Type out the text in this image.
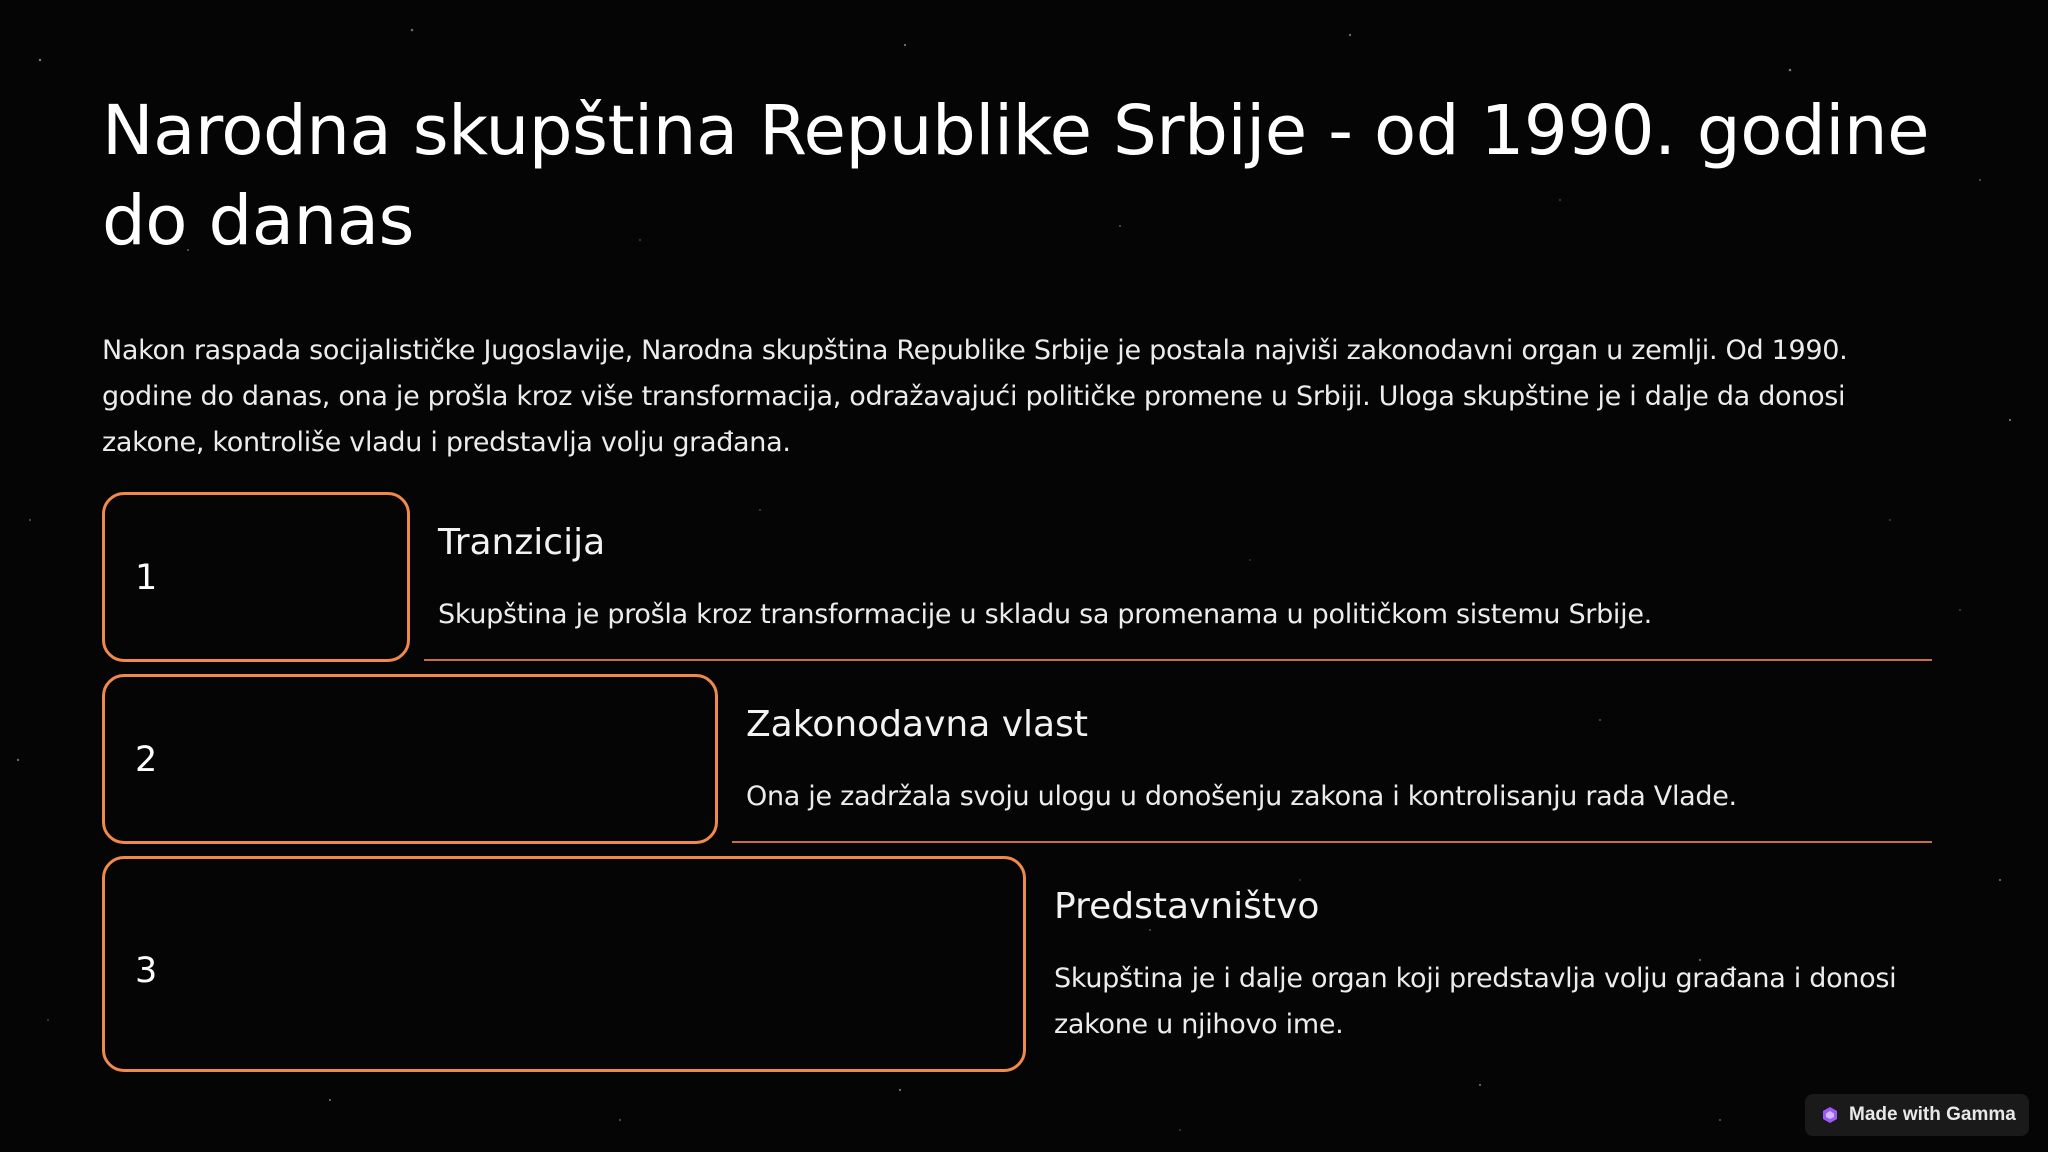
Narodna skupština Republike Srbije - od 1990. godine do danas

Nakon raspada socijalističke Jugoslavije, Narodna skupština Republike Srbije je postala najviši zakonodavni organ u zemlji. Od 1990. godine do danas, ona je prošla kroz više transformacija, odražavajući političke promene u Srbiji. Uloga skupštine je i dalje da donosi zakone, kontroliše vladu i predstavlja volju građana.

1
Tranzicija
Skupština je prošla kroz transformacije u skladu sa promenama u političkom sistemu Srbije.
2
Zakonodavna vlast
Ona je zadržala svoju ulogu u donošenju zakona i kontrolisanju rada Vlade.
3
Predstavništvo
Skupština je i dalje organ koji predstavlja volju građana i donosi zakone u njihovo ime.
Made with Gamma
